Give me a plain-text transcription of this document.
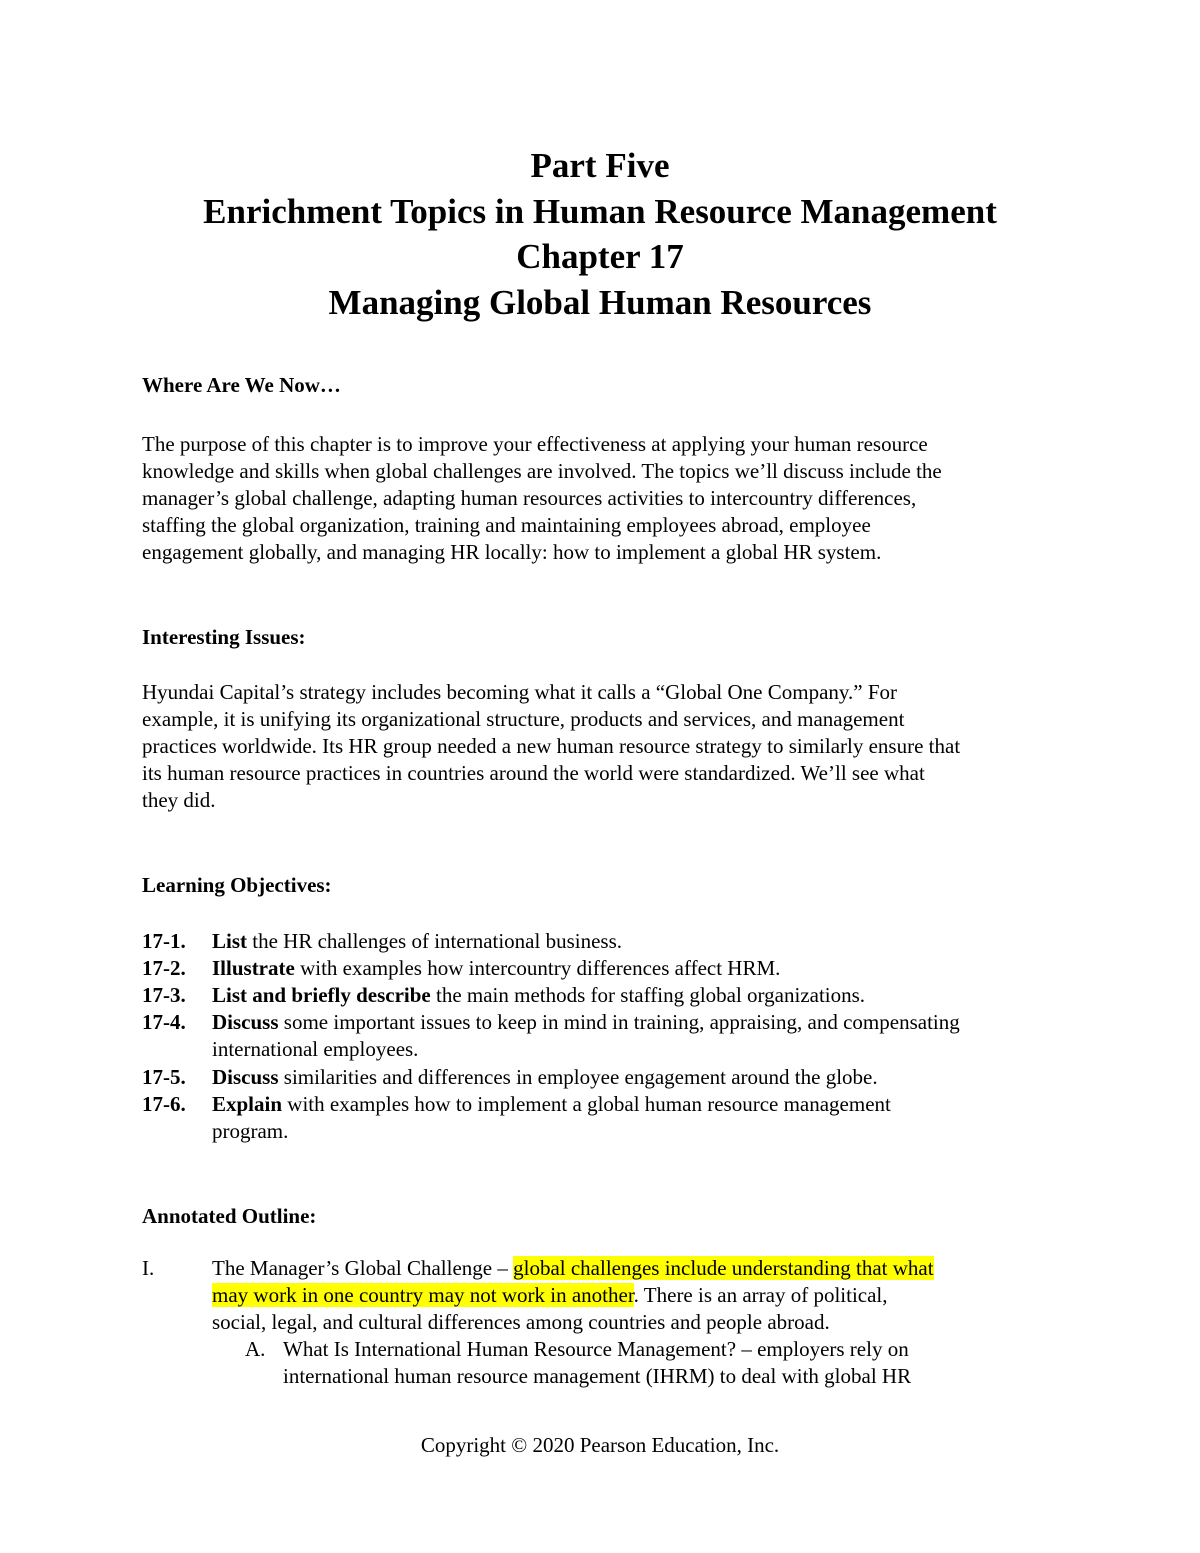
Part Five
Enrichment Topics in Human Resource Management
Chapter 17
Managing Global Human Resources
Where Are We Now…
The purpose of this chapter is to improve your effectiveness at applying your human resource
knowledge and skills when global challenges are involved. The topics we’ll discuss include the
manager’s global challenge, adapting human resources activities to intercountry differences,
staffing the global organization, training and maintaining employees abroad, employee
engagement globally, and managing HR locally: how to implement a global HR system.
Interesting Issues:
Hyundai Capital’s strategy includes becoming what it calls a “Global One Company.” For
example, it is unifying its organizational structure, products and services, and management
practices worldwide. Its HR group needed a new human resource strategy to similarly ensure that
its human resource practices in countries around the world were standardized. We’ll see what
they did.
Learning Objectives:
17-1. List the HR challenges of international business.
17-2. Illustrate with examples how intercountry differences affect HRM.
17-3. List and briefly describe the main methods for staffing global organizations.
17-4. Discuss some important issues to keep in mind in training, appraising, and compensating
international employees.
17-5. Discuss similarities and differences in employee engagement around the globe.
17-6. Explain with examples how to implement a global human resource management
program.
Annotated Outline:
I.	The Manager’s Global Challenge – global challenges include understanding that what
may work in one country may not work in another. There is an array of political,
social, legal, and cultural differences among countries and people abroad.
A. What Is International Human Resource Management? – employers rely on
international human resource management (IHRM) to deal with global HR
Copyright © 2020 Pearson Education, Inc.
